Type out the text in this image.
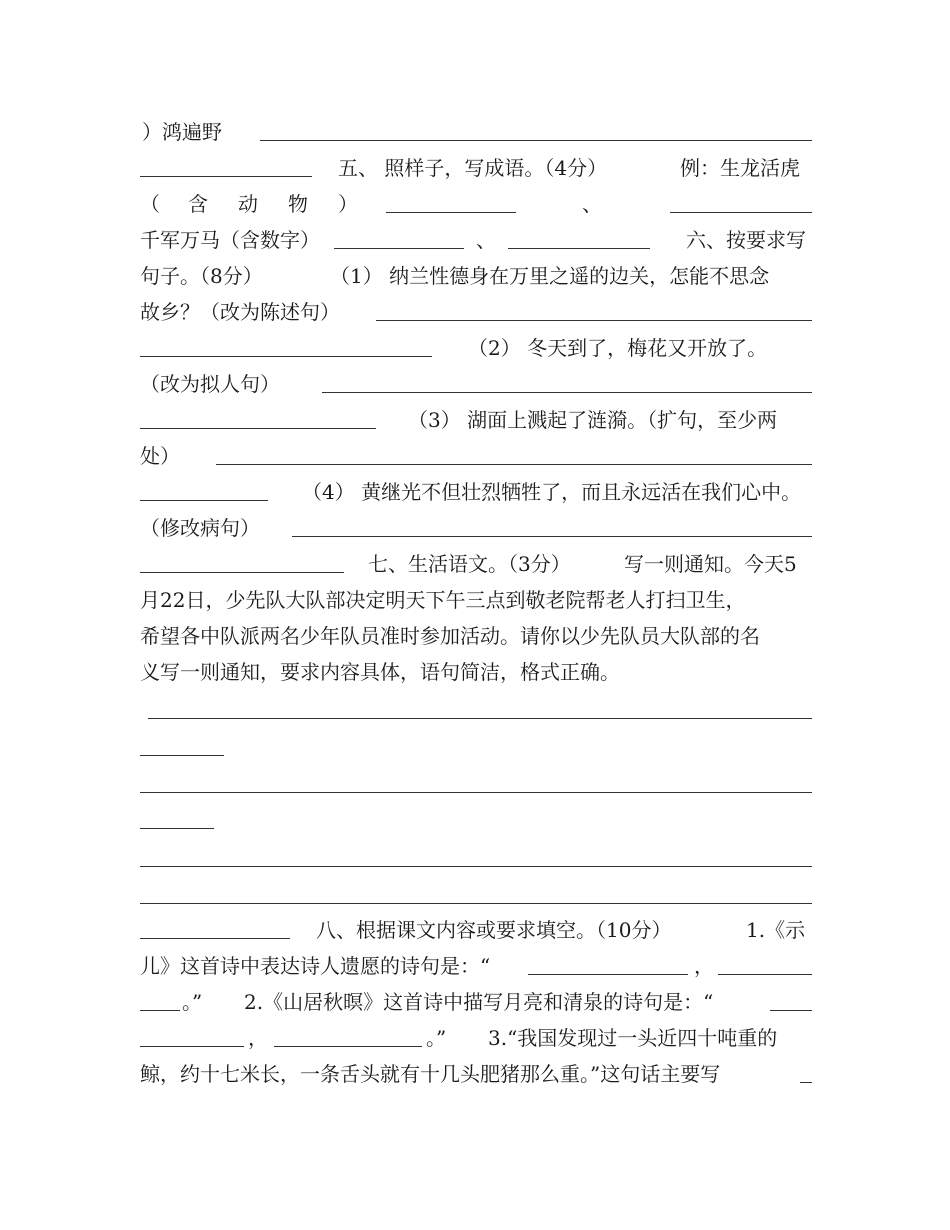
）鸿遍野
五、 照样子，写成语。（4分）	例：生龙活虎
（ 含 动 物 ）	、
千军万马（含数字）	、	六、按要求写
句子。（8分）	（1） 纳兰性德身在万里之遥的边关，怎能不思念
故乡？（改为陈述句）
（2） 冬天到了，梅花又开放了。
（改为拟人句）
（3） 湖面上溅起了涟漪。（扩句，至少两
处）
（4） 黄继光不但壮烈牺牲了，而且永远活在我们心中。
（修改病句）
七、生活语文。（3分）	写一则通知。今天5
月22日，少先队大队部决定明天下午三点到敬老院帮老人打扫卫生，
希望各中队派两名少年队员准时参加活动。请你以少先队员大队部的名
义写一则通知，要求内容具体，语句简洁，格式正确。
八、根据课文内容或要求填空。（10分）	1.《示
儿》这首诗中表达诗人遗愿的诗句是：“	，
。” 2.《山居秋暝》这首诗中描写月亮和清泉的诗句是：“
，	。” 3.“我国发现过一头近四十吨重的
鲸，约十七米长，一条舌头就有十几头肥猪那么重。”这句话主要写
